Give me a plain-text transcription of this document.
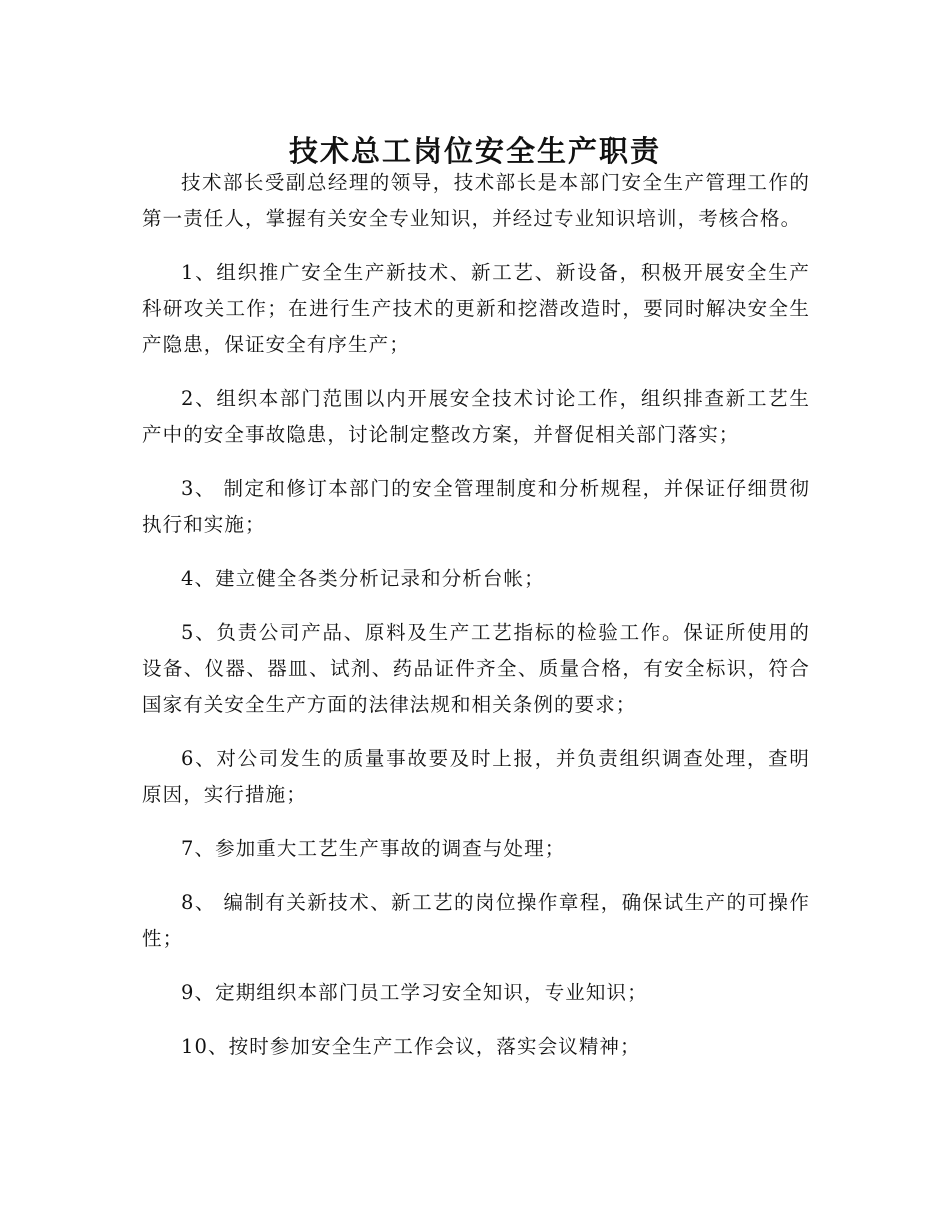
技术总工岗位安全生产职责

技术部长受副总经理的领导，技术部长是本部门安全生产管理工作的第一责任人，掌握有关安全专业知识，并经过专业知识培训，考核合格。

1、组织推广安全生产新技术、新工艺、新设备，积极开展安全生产科研攻关工作；在进行生产技术的更新和挖潜改造时，要同时解决安全生产隐患，保证安全有序生产；

2、组织本部门范围以内开展安全技术讨论工作，组织排查新工艺生产中的安全事故隐患，讨论制定整改方案，并督促相关部门落实；

3、 制定和修订本部门的安全管理制度和分析规程，并保证仔细贯彻执行和实施；

4、建立健全各类分析记录和分析台帐；

5、负责公司产品、原料及生产工艺指标的检验工作。保证所使用的设备、仪器、器皿、试剂、药品证件齐全、质量合格，有安全标识，符合国家有关安全生产方面的法律法规和相关条例的要求；

6、对公司发生的质量事故要及时上报，并负责组织调查处理，查明原因，实行措施；

7、参加重大工艺生产事故的调查与处理；

8、 编制有关新技术、新工艺的岗位操作章程，确保试生产的可操作性；

9、定期组织本部门员工学习安全知识，专业知识；

10、按时参加安全生产工作会议，落实会议精神；
